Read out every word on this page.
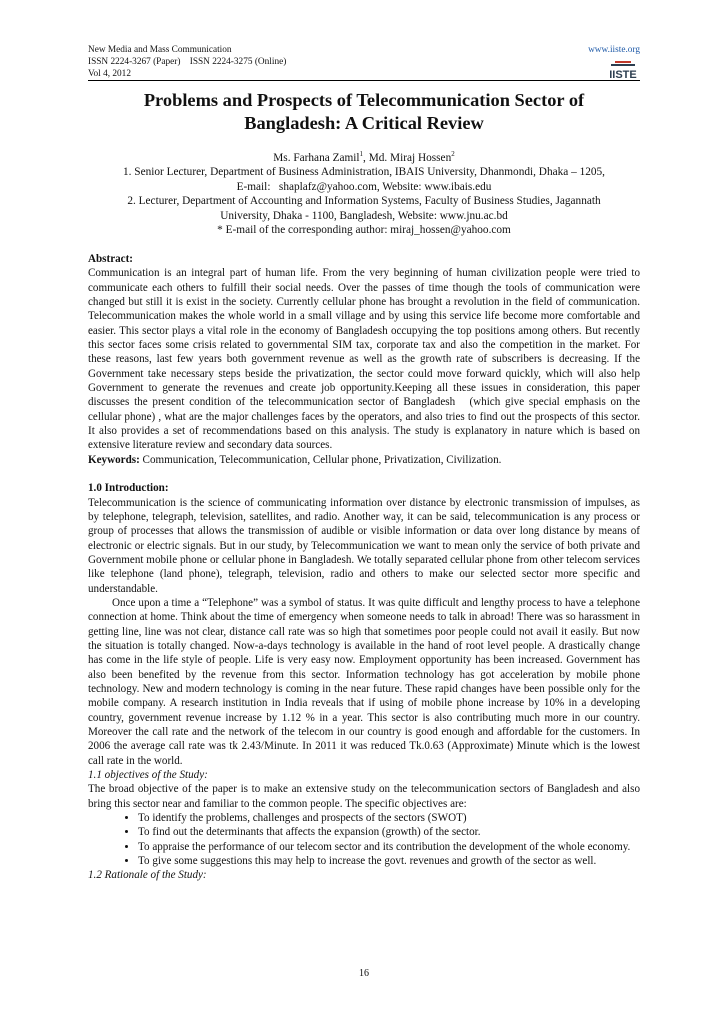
New Media and Mass Communication
ISSN 2224-3267 (Paper)    ISSN 2224-3275 (Online)
Vol 4, 2012
www.iiste.org
IISTE
Problems and Prospects of Telecommunication Sector of Bangladesh: A Critical Review
Ms. Farhana Zamil$^1$, Md. Miraj Hossen$^2$
1. Senior Lecturer, Department of Business Administration, IBAIS University, Dhanmondi, Dhaka – 1205,
E-mail:   shaplafz@yahoo.com, Website: www.ibais.edu
2. Lecturer, Department of Accounting and Information Systems, Faculty of Business Studies, Jagannath
University, Dhaka - 1100, Bangladesh, Website: www.jnu.ac.bd
* E-mail of the corresponding author: miraj_hossen@yahoo.com

Abstract:

Communication is an integral part of human life. From the very beginning of human civilization people were tried to communicate each others to fulfill their social needs. Over the passes of time though the tools of communication were changed but still it is exist in the society. Currently cellular phone has brought a revolution in the field of communication. Telecommunication makes the whole world in a small village and by using this service life become more comfortable and easier. This sector plays a vital role in the economy of Bangladesh occupying the top positions among others. But recently this sector faces some crisis related to governmental SIM tax, corporate tax and also the competition in the market. For these reasons, last few years both government revenue as well as the growth rate of subscribers is decreasing. If the Government take necessary steps beside the privatization, the sector could move forward quickly, which will also help Government to generate the revenues and create job opportunity.Keeping all these issues in consideration, this paper discusses the present condition of the telecommunication sector of Bangladesh   (which give special emphasis on the cellular phone) , what are the major challenges faces by the operators, and also tries to find out the prospects of this sector. It also provides a set of recommendations based on this analysis. The study is explanatory in nature which is based on extensive literature review and secondary data sources.

Keywords: Communication, Telecommunication, Cellular phone, Privatization, Civilization.

1.0 Introduction:

Telecommunication is the science of communicating information over distance by electronic transmission of impulses, as by telephone, telegraph, television, satellites, and radio. Another way, it can be said, telecommunication is any process or group of processes that allows the transmission of audible or visible information or data over long distance by means of electronic or electric signals. But in our study, by Telecommunication we want to mean only the service of both private and Government mobile phone or cellular phone in Bangladesh. We totally separated cellular phone from other telecom services like telephone (land phone), telegraph, television, radio and others to make our selected sector more specific and understandable.

Once upon a time a “Telephone” was a symbol of status. It was quite difficult and lengthy process to have a telephone connection at home. Think about the time of emergency when someone needs to talk in abroad! There was so harassment in getting line, line was not clear, distance call rate was so high that sometimes poor people could not avail it easily. But now the situation is totally changed. Now-a-days technology is available in the hand of root level people. A drastically change has come in the life style of people. Life is very easy now. Employment opportunity has been increased. Government has also been benefited by the revenue from this sector. Information technology has got acceleration by mobile phone technology. New and modern technology is coming in the near future. These rapid changes have been possible only for the mobile company. A research institution in India reveals that if using of mobile phone increase by 10% in a developing country, government revenue increase by 1.12 % in a year. This sector is also contributing much more in our country. Moreover the call rate and the network of the telecom in our country is good enough and affordable for the customers. In 2006 the average call rate was tk 2.43/Minute. In 2011 it was reduced Tk.0.63 (Approximate) Minute which is the lowest call rate in the world.

1.1 objectives of the Study:

The broad objective of the paper is to make an extensive study on the telecommunication sectors of Bangladesh and also bring this sector near and familiar to the common people. The specific objectives are:

• To identify the problems, challenges and prospects of the sectors (SWOT)
• To find out the determinants that affects the expansion (growth) of the sector.
• To appraise the performance of our telecom sector and its contribution the development of the whole economy.
• To give some suggestions this may help to increase the govt. revenues and growth of the sector as well.

1.2 Rationale of the Study:

16
